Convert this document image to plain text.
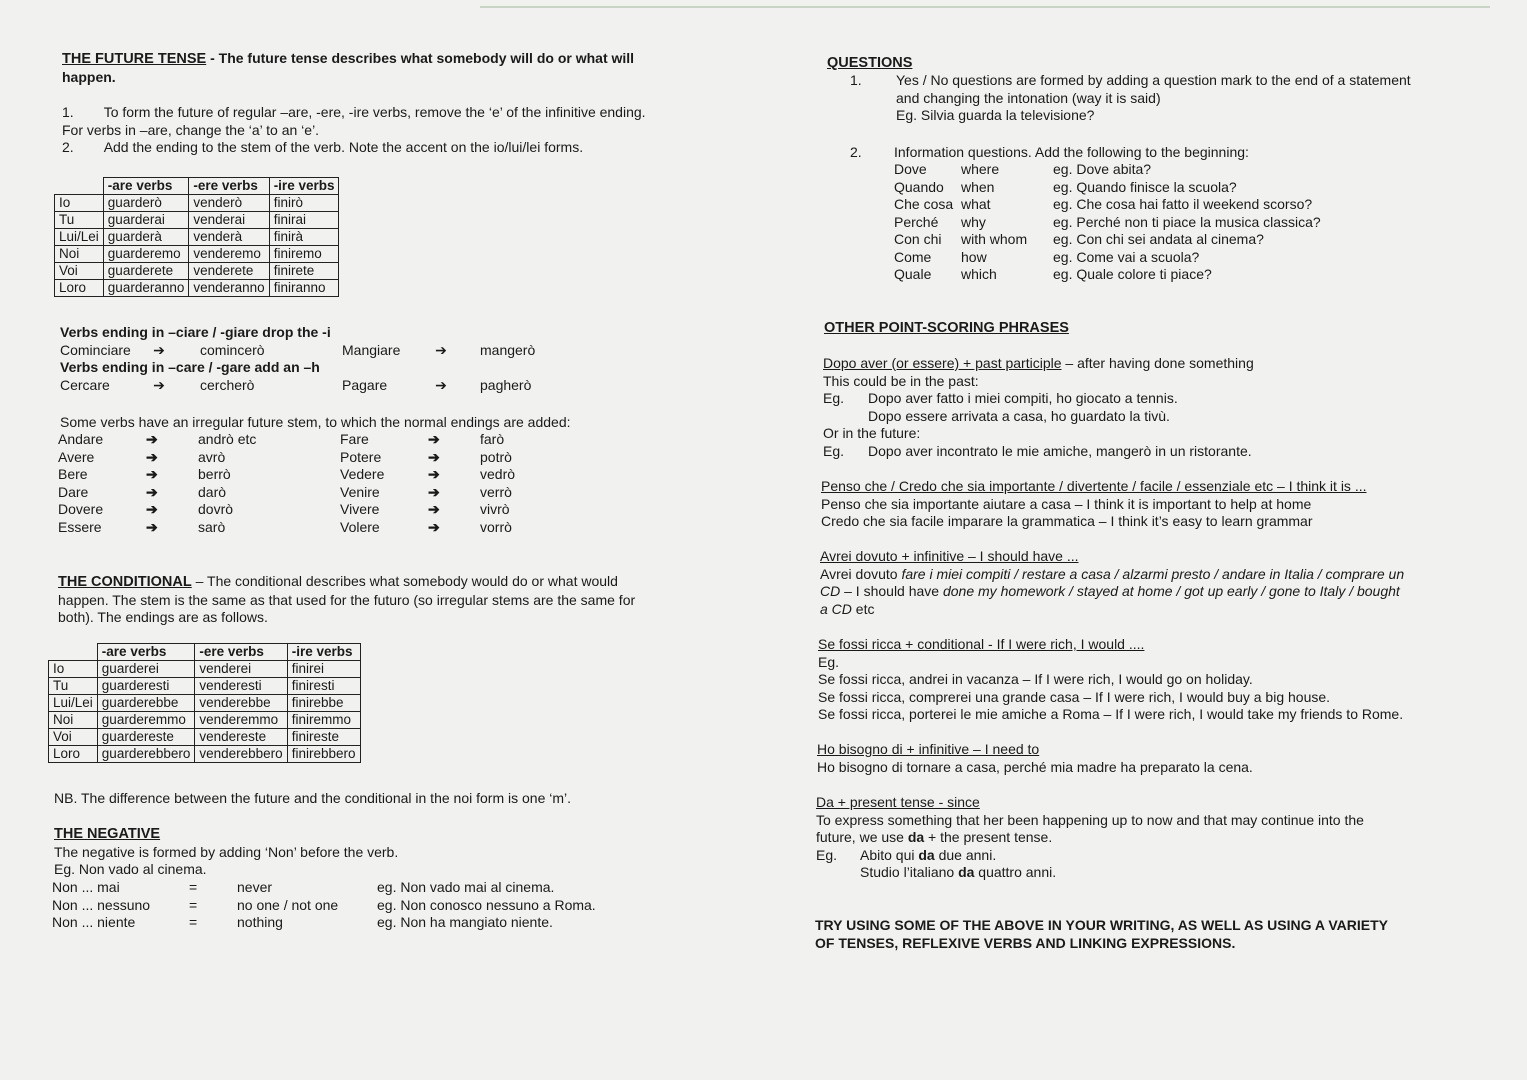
THE FUTURE TENSE - The future tense describes what somebody will do or what will
happen.
1. To form the future of regular –are, -ere, -ire verbs, remove the ‘e’ of the infinitive ending.
For verbs in –are, change the ‘a’ to an ‘e’.
2. Add the ending to the stem of the verb. Note the accent on the io/lui/lei forms.
	-are verbs	-ere verbs	-ire verbs
Io	guarderò	venderò	finirò
Tu	guarderai	venderai	finirai
Lui/Lei	guarderà	venderà	finirà
Noi	guarderemo	venderemo	finiremo
Voi	guarderete	venderete	finirete
Loro	guarderanno	venderanno	finiranno
Verbs ending in –ciare / -giare drop the -i
Cominciare	➔	comincerò	Mangiare	➔	mangerò
Verbs ending in –care / -gare add an –h
Cercare	➔	cercherò	Pagare	➔	pagherò
Some verbs have an irregular future stem, to which the normal endings are added:
Andare	➔	andrò etc	Fare	➔	farò
Avere	➔	avrò	Potere	➔	potrò
Bere	➔	berrò	Vedere	➔	vedrò
Dare	➔	darò	Venire	➔	verrò
Dovere	➔	dovrò	Vivere	➔	vivrò
Essere	➔	sarò	Volere	➔	vorrò
THE CONDITIONAL – The conditional describes what somebody would do or what would
happen. The stem is the same as that used for the futuro (so irregular stems are the same for
both). The endings are as follows.
	-are verbs	-ere verbs	-ire verbs
Io	guarderei	venderei	finirei
Tu	guarderesti	venderesti	finiresti
Lui/Lei	guarderebbe	venderebbe	finirebbe
Noi	guarderemmo	venderemmo	finiremmo
Voi	guardereste	vendereste	finireste
Loro	guarderebbero	venderebbero	finirebbero
NB. The difference between the future and the conditional in the noi form is one ‘m’.
THE NEGATIVE
The negative is formed by adding ‘Non’ before the verb.
Eg. Non vado al cinema.
Non ... mai	=	never	eg. Non vado mai al cinema.
Non ... nessuno	=	no one / not one	eg. Non conosco nessuno a Roma.
Non ... niente	=	nothing	eg. Non ha mangiato niente.
QUESTIONS
1. Yes / No questions are formed by adding a question mark to the end of a statement
and changing the intonation (way it is said)
Eg. Silvia guarda la televisione?
2. Information questions. Add the following to the beginning:
Dove	where	eg. Dove abita?
Quando	when	eg. Quando finisce la scuola?
Che cosa what	eg. Che cosa hai fatto il weekend scorso?
Perché	why	eg. Perché non ti piace la musica classica?
Con chi	with whom	eg. Con chi sei andata al cinema?
Come	how	eg. Come vai a scuola?
Quale	which	eg. Quale colore ti piace?
OTHER POINT-SCORING PHRASES
Dopo aver (or essere) + past participle – after having done something
This could be in the past:
Eg. Dopo aver fatto i miei compiti, ho giocato a tennis.
Dopo essere arrivata a casa, ho guardato la tivù.
Or in the future:
Eg. Dopo aver incontrato le mie amiche, mangerò in un ristorante.
Penso che / Credo che sia importante / divertente / facile / essenziale etc – I think it is ...
Penso che sia importante aiutare a casa – I think it is important to help at home
Credo che sia facile imparare la grammatica – I think it’s easy to learn grammar
Avrei dovuto + infinitive – I should have ...
Avrei dovuto fare i miei compiti / restare a casa / alzarmi presto / andare in Italia / comprare un
CD – I should have done my homework / stayed at home / got up early / gone to Italy / bought
a CD etc
Se fossi ricca + conditional - If I were rich, I would ....
Eg.
Se fossi ricca, andrei in vacanza – If I were rich, I would go on holiday.
Se fossi ricca, comprerei una grande casa – If I were rich, I would buy a big house.
Se fossi ricca, porterei le mie amiche a Roma – If I were rich, I would take my friends to Rome.
Ho bisogno di + infinitive – I need to
Ho bisogno di tornare a casa, perché mia madre ha preparato la cena.
Da + present tense - since
To express something that her been happening up to now and that may continue into the
future, we use da + the present tense.
Eg. Abito qui da due anni.
Studio l’italiano da quattro anni.
TRY USING SOME OF THE ABOVE IN YOUR WRITING, AS WELL AS USING A VARIETY
OF TENSES, REFLEXIVE VERBS AND LINKING EXPRESSIONS.
